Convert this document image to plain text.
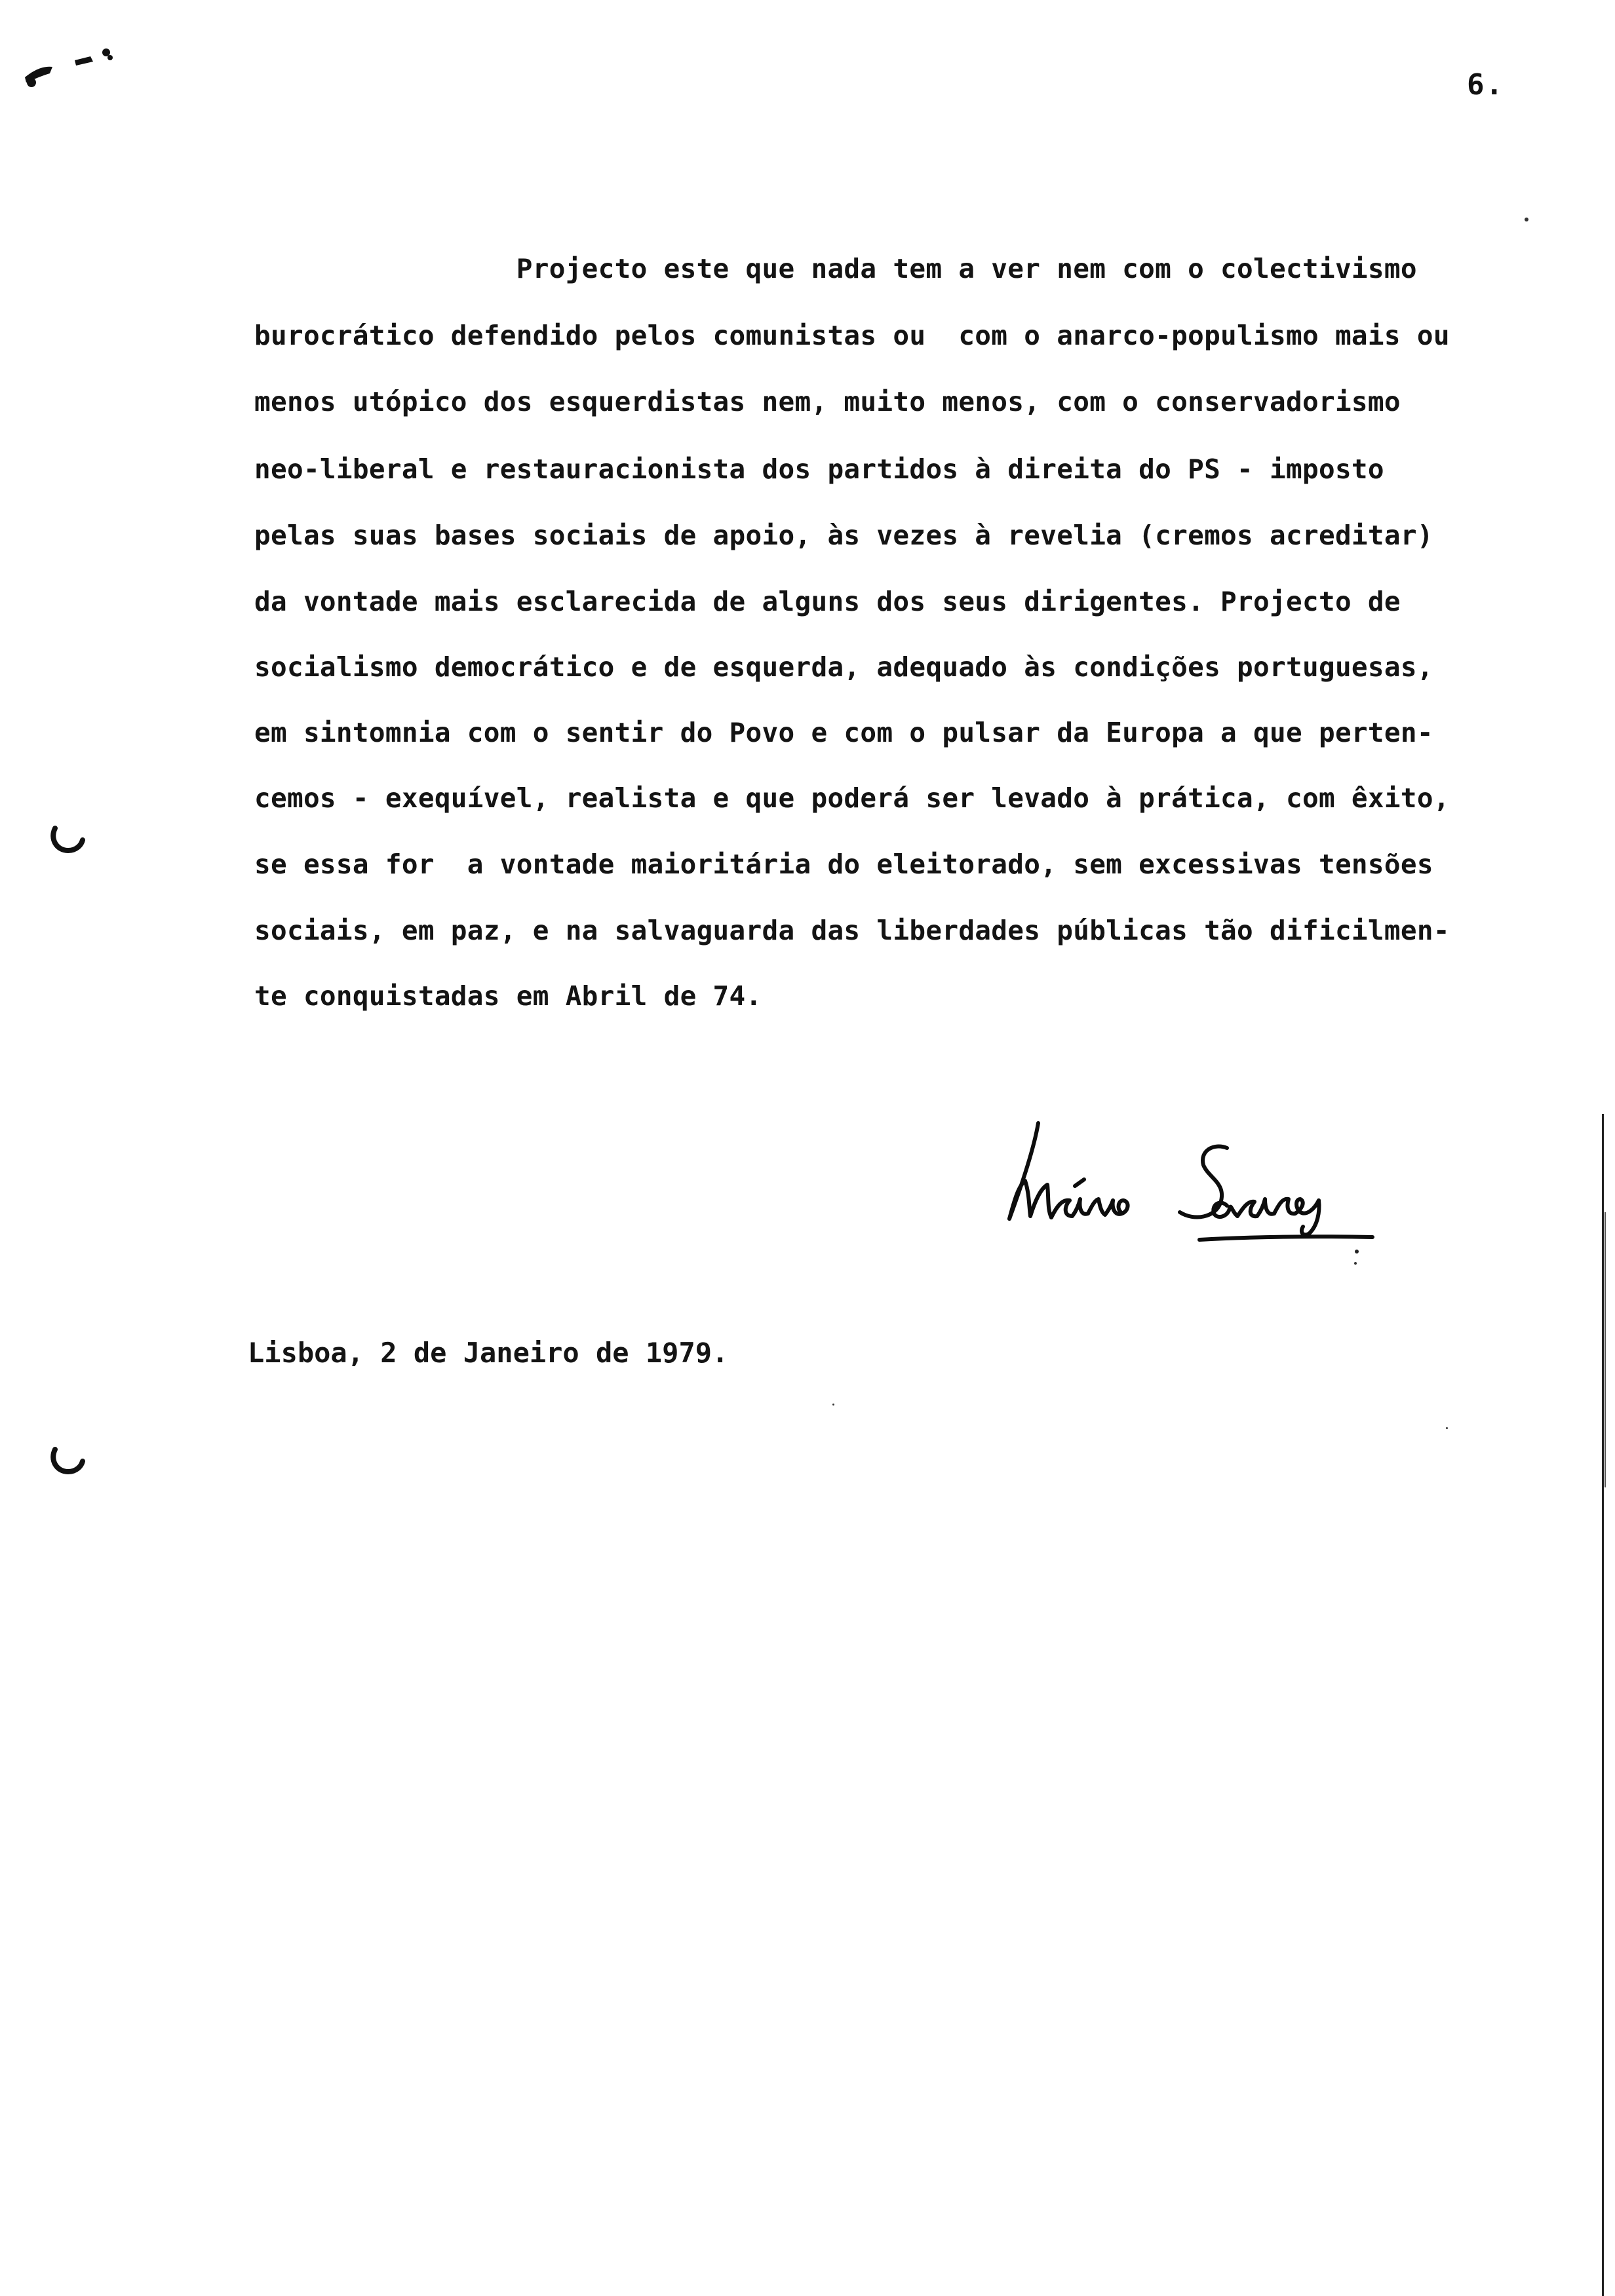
6.
Projecto este que nada tem a ver nem com o colectivismo
burocrático defendido pelos comunistas ou  com o anarco-populismo mais ou
menos utópico dos esquerdistas nem, muito menos, com o conservadorismo
neo-liberal e restauracionista dos partidos à direita do PS - imposto
pelas suas bases sociais de apoio, às vezes à revelia (cremos acreditar)
da vontade mais esclarecida de alguns dos seus dirigentes. Projecto de
socialismo democrático e de esquerda, adequado às condições portuguesas,
em sintomnia com o sentir do Povo e com o pulsar da Europa a que perten-
cemos - exequível, realista e que poderá ser levado à prática, com êxito,
se essa for  a vontade maioritária do eleitorado, sem excessivas tensões
sociais, em paz, e na salvaguarda das liberdades públicas tão dificilmen-
te conquistadas em Abril de 74.
Lisboa, 2 de Janeiro de 1979.
